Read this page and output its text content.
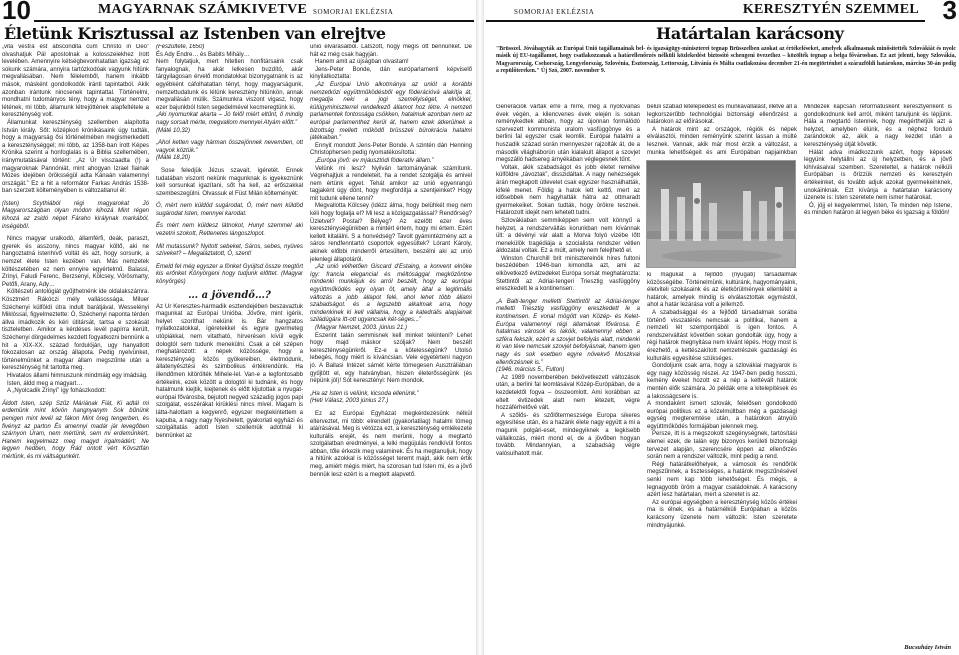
10	MAGYARNAK SZÁMKIVETVE SOMORJAI EKLÉZSIA
Életünk Krisztussal az Istenben van elrejtve

„vita vestra est abscondita cum Christo in Deo” olvashatjuk Pál apostolnak a kolosszeiekhez írott levelében. Amennyire kétségbevonhatatlan igazság ez sokunk számára, annyira tartózkodóak vagyunk hitünk megvallásában. Nem félelemből, hanem inkább mások, másként gondolkodók iránti tapintatból. Akik azonban irántunk nincsenek tapintattal. Történelmi, mondhatni tudományos tény, hogy a magyar nemzet létének, mi több, államunk létrejöttének alapfeltétele a kereszténység volt.

Államunkat kereszténység szellemben alapította István király. Sőt: középkori krónikásaink úgy tudták, hogy a magyarság ősi történelmében megismerkedett a kereszténységgel; mi több, az 1358-ban írott Képes Krónika szerint a honfoglalás is a Biblia szellemében, iránymutatásával történt: „Az Úr visszaadta (!) a magyaroknak Pannóniát, mint ahogyan Izrael fiainak Mózes idejében öröksségül adta Kánaán valamennyi országát.” Ez a hit a reformátor Farkas András 1538-ban szerzett költeményében is változatlanul él:

(Isten) Scythiából régi magyarokat Jó Magyarországban olyan módon kihozá Mint régen kihozá az zsidó népet Fáraho királynak markából, inségéből.

Nincs magyar uralkodó, államférfi, deák, paraszt, gyerek és asszony, nincs magyar költő, aki ne hangoztatná istenhívő voltát és azt, hogy sorsunk, a nemzet élete Isten kezében van. Más nemzetek költészetében ez nem ennyire egyértelmű. Balassi, Zrínyi, Faludi Ferenc, Berzsenyi, Kölcsey, Vörösmarty, Petőfi, Arany, Ady…

Költészeti antológiát gyűjthetnénk ide oldalakszámra. Kösztmért Rákóczi mély vallásossága. Miluer Széchenyi külföldi útra indult barátjával, Wesselényi Miklóssal, figyelmeztette: Ó, Széchenyi naponta térden állva imádkozik és kéri útitársát, tartsa e szokását tiszteletben. Amikor a kérdéses levél papírra került, Széchenyi dörgedelmes kezdett fogyatkozni bennünk a hit a XIX-XX. század fordulóján, ugy hanyatlott fokozatosan az ország állapota. Pedig nyelvünket, történelmünket a magyar állam megszűnte után a kereszténység hit tartotta meg.

Hivatalos állami himnuszunk mindmáig egy imádság.

Isten, áldd meg a magyart…

A „Nyolcadik Zrínyi” így fohászkodott:

Áldott Isten, szép Szűz Máriának Fiát, Ki adtál mi erdemünk mint kővön hangnyanym Sok bűnünk penigen mint levél az fákon Mint öreg tengerben, és fivényz az parton És amennyi madár jár levegőben szárnyon Úram, nem mértünk, sem mi erdemünkért, Hanem kegyelmezz meg magyd irgalmádért; Ne legyen hedben, hogy Rád ontott vért Kövsztfán mértünk, és mi váltságunkért.

(Fészültete, 1650)

És Ady Endre… és Babits Mihály…

Nem folytatjuk, mert hitetlen honfitársaink csak fanyalognak, ha akár lelkesen buzdító, akár tárgyilagosan érvelő mondatokkal bizonygatnánk is az egyébként cáfolhatatlan tényt, hogy magyarságunk, nemzettudatunk és létünk keresztény hitünkön, annak megvallásán múlik. Számunkra viszont vigasz, hogy ezer bajunkból Isten segedelmével kecmeregtünk ki.

„Aki nyomunkat akarta – Jó felől miért eltűnt, ő mindig nagy sorsait mérte, megvallom mennyei Atyám előtt.”

(Máté 10,32)

„Ahol ketten vagy hárman összejönnek nevemben, ott vagyok köztük.”

(Máté 18,20)

Sose feledjük Jézus szavait, ígéretét. Ennek tudatában viszont nekünk magunknak is igyekeznünk kell sorsunkat igazítani, sőt ha kell, az erőszakkal szembeszegülni. Olvassuk el Füst Milán költeményét:

Ó, mért nem küldöd sugárodat, Ó, mért nem küldöd sugárodat Isten, mennyei karodat.

És mért nem küldesz látnokot, Hunyt szemmel aki vezetni szokott, Rettenetes lángoszlopot.

Mit mutassunk? Nyitott sebeket, Sáros, sebes, nyüves szíveket? – Megaláztatott, Ó, szent!

Emeld fel még egyszer a fönket Gyújtsd össze megtört kis erőnket Könyörgeni hogy tudjunk előttet. (Magyar könyörgés)

… a jövendő…?

Az Ur Keresztes-harmadik esztendejében beszavaztuk magunkat az Európai Unióba. Jövőre, mint ígérik, helyet szoríthat nekünk is. Bár hangzatos nyilatkozatokkal, ígéretekkel és egyre gyermeteg utópiákkal, nem vitatható, hírverésen kívül egyik dologtól sem tudunk menekülni. Csak a cél szépen meghatározott: a népek közössége, hogy a kereszténység közös gyökereiben, életmódunk, állatenyésztési és szimbolikus értékrendünk. Ha illendőmen kitörölték Mihele-lel. Van-e a legfontosabb értékeink, ezek között a dologtól ki tudnánk, és hogy hatalmunk kiejtik, kiejtenek és előtt kijutottak a nyugat-európai fővárosba, bejutott negyed századig jogos papi szolgálat, esszérákat kirüklési nincs mivel. Magam is látta-halottam a kegyenrő, egyszer megtekintettem a kapuba, a nagy nagy Nyeshetett, gyakorlati egyházi és szolgáltatás adott Isten szellemük adottnál ki bennünket az

unió elvárásaiból. Látszott, hogy mégis ott bennünket. De hát ez még csak hagyján.

Hanem amit az újságban olvastam!

Jens-Peter Bonde, dán európarlamenti képviselő kinyilatkoztatta:

„Az Európai Unió alkotmánya az uniót a korábbi nemzetközi együttműködésből egy föderációvá alakítja át, megadja neki a jogi személyiséget, elnökkel, külügyminiszterrel rendelkező államot hoz létre. A nemzeti parlamentek fontossága csökken, hatalmuk azonban nem az európai parlamenthez kerül át, hanem ezek átkerülnek a bizottság mellett működő brüsszeli bürokrácia hatalmi játékaiban.”

Ennyit mondott Jens-Peter Bonde. A szintén dán Henning Christophersen pedig nyomatékosította:

„Európa jövő: ev mjáusztódi föderatív állam.”

Velünk mi lesz? Nyilván tartományának számítunk. Végrehajtjuk a rendeleteit, ha a rendet szolgálja és amivel nem értünk egyet. Tehát amikor az unió egyenrangú tagjaként úgy dönt, hogy megfordítja a szentjeinket? Hogy mit tudunk ellene tenni?

Megvallotta Kölcsey (idézz álma, hogy belühkét meg nem kéli hogy foglalja el? Mi lesz a közigazgatással? Rendőrség? Üzletvel? Postai? Bélyeg? Az ezelőtt ezer éves kereszténységünkben a mintért értem, hogy mi értem. Ezért kellett kitalálni. S a honvédség? Tavolt gyámintézmény azt a sáros rendfenntartó csoportok egyesültek? Lórant Károly, akinek előbbi minderről értesültem, beszélni aki az unió jelenlegi állapotáról.

„Az unió vélhetően Giscard d'Estaing, a konvent elnöke így: francia elegancial és méltósággal megközöntne mindenki munkájuk és arról beszélt, hogy az európai együttműködés egy olyan öt, amely által a legitimális változás a jobb állapot felé, ahol lehet több állami szabadságot. és a legszebb alkalmak arra, hogy mindenkinek ki kell vállalnia, hogy a katedrális alapjainak sziládúgára ítt-ott ugyancsak két-sèges...”

(Magyar Nemzet, 2003. június 21.)

Eszerint talán semmisnek kell minket tekinteni? Lehet hogy majd máskor szóljak? Nem beszélt kereszténységünkről. Ez-e a kötelességünk? Utolsó lebegés, hogy miért is kíváncsian. Vele egyetérteni nagyon jó. A Ballasi Intézet sámét kérte tömegesen Ausztráliában gyűjtött el, egy hatványban, hiszen életerősségünk (és népünk jól)! Sót keresztényi: Nem mondok.

„Ha az Isten is velünk, kicsoda ellenünk.”

(Heti Válasz, 2003 június 27.)

Ez az Európai Egyházat megkérdezésünk nélkül elterveztet, mi több: elrendelt (gyakorlatilag) hatalmi tömeg aláírásával. Meg is vétózza ezt, a kereszténység emlékezete kulturális erejét, és nem merünk, hogy a megtartó szolgálatban eredményei, a lelki megújulás rendkívül fontos abban, tőle érkezik meg valaminek. És ha megtanuljuk, hogy a hitünk azokkal is közösséget teremt majd, akik nem értik meg, amiért mégis miért, ha szorosan tud Isten mi, és a jövő bennük lesz ezért is a megtett alapvető.

SOMORJAI EKLÉZSIA	KERESZTYÉN SZEMMEL 3
Határtalan karácsony
"Brüsszel. Jóváhagyták az Európai Unió tagállamainak bel- és igazságügy-miniszterei tegnap Brüsszelben azokat az értékeléseket, amelyek alkalmasnak minősítették Szlovákiát és nyolc másik új EU-tagállamot, hogy csatlakozzanak a határellenőrzés nélküli közlekedést biztosító schengeni övezethez – közölték tegnap a belga fővárosban. Ez azt jelenti, hogy Szlovákia, Magyarország, Csehország, Lengyelország, Szlovénia, Észtország, Lettország, Litvánia és Málta csatlakozása december 21-én megtörténhet a szárazföldi határokon, március 30-án pedig a repülőtereken." Új Szó, 2007. november 9.

Generációk vártak erre a hírre, még a nyolcvanas évek végén, a kilencvenes évek elején is sokan reménykedtek abban, hogy az újonnan formálódó szervezett kommunista uralom vasfüggönye és a berlini fal egyszer csak leomlik. Európai hatalmi a huszadik század során mennyeszer rajzolták át, de a második világháborún után kialakult állapot a szovjet megszálló hadsereg árnyékában véglegesnek tűnt.

Voltak, akik szabadságot és jobb életet remélve külföldre „távoztak”, disszidáltak. A nagy nehézségek árán megkapott útlevelet csak egyszer használhatták, kifelé menet. Földig a hatok lett kettő, mert az idősebbek nem hagyhatták hátra az ottmaradt gyermekeiket. Sokan tudták, hogy örökre tesznek. Határozott idejét nem lehetett tudni.

Szlovákiaban semmiképpen sem volt könnyű a helyzet, a rendszerváltás korunkban nem kívánnak ült: a dévényi vár alatt a Morva folyó vizébe lőtt menekülök tragédiája a szocialista rendszer vétlen áldozatai voltak. Ez a múlt, amely nem felejthető el.

Winston Churchill brit miniszterelnök híres fultoni beszédében 1946-ban kimondta azt, ami az elkövetkező évtizedeket Európa sorsát meghatározta: Stettintől az Adriai-tengeri Triesztig vasfüggöny ereszkedett le a kontinensen.

„A Balti-tenger melletti Stettintől az Adriai-tenger melletti Triesztig vasfüggöny ereszkedett le a kontinensen. E vonal mögött van Közép- és Kelet-Európa valamennyi régi államának fővárosa. E hatalmas városok és lakóik, valamennyi ebben a szféra fekszik, ezért a szovjet befolyás alatt, mindenki ki van téve nemcsak szovjet befolyásnak, hanem igen nagy és sok esetben egyre növekvő Moszkvai ellenőrzésnek is.”

(1946. március 5., Fulton)

Az 1989 novemberében bekövetkezett változások után, a berlini fal leomlásával Közép-Európában, de a kezdetektől fogva – összeomlott. Ami korábban az eltelt évtizedek alatt nem létezett, végre hozzáférhetővé vált.

A szőlős- és szőlőtermeszsége Europa sikeres egyesítése után, és a hazánk élete nagy együtt a mi a magunk polgári-eset, mindegyiknek a legkisebb vállalkozás, miért mond el, de a jövőben hogyan tovább. Mindannyian, a szabadság végre valósulhatott már.

belüli szabad letelepedést és munkavállalást, illetve áll a legkorszerűbb technológiai biztonsági ellenőrzést a határokon az előírásokat.

A határok mint az országok, régiók és népek elválasztói, minden reményünk szerint lassan a múlté lesznek. Vannak, akik már most érzik a változást, a munka lehetőségeit és ami Európában napjainkban

ki magukat a fejlődő (nyugati) társadalmak közösségébe. Történelmünk, kultúránk, hagyományaink, életviteli szokásaink és az életkörülmények ellentétét a határok, amelyek mindig is elválasztottak egymástól, ahol a határ lezárása volt a jellemző.

A szabadsággal és a fejlődő társadalmak sorába történő visszatérés nemcsak a politikai, hanem a nemzeti lét szempontjából is igen fontos. A rendszerváltást követően sokan gondolták úgy, hogy a régi határok megnyitása nem kívánt lépés. Hogy most is érezhető, a kettészakított nemzetrészek gazdasági és kulturális egyesítése szükséges.

Gondoljunk csak arra, hogy a szlovákiai magyarok is egy nagy közösség részei. Az 1947-ben pedig hosszú, kemény éveket hozott ez a nép a kettévált határok mentén élők számára. Jó példák erre a kitelepítések és a lakosságcsere is.

A mondaként ismert szlovák, felelősen gondolkodó európai politikus ez a közelmúltban még a gazdasági egység megteremtése után, a határokon átnyúló együttműködés formájában jelennek meg.

Persze, itt is a megszokott szegénységnek, tartósítási elemei ezek, de talán egy bizonyos kerületi biztonsági tervezet alapján, szerencsére éppen az ellenőrzés során nem a rendszer változik, mint pedig a rend.

Régi határátkelőhelyek, a vámosok és rendőrök megszűnnek, a tisztességes, a határok megszűnésével senki nem kap több lehetőséget. És mégis, a legnagyobb öröm a magyar családoknak. A karácsony azért lesz határtalan, mert a szeretet is az.

Az európai egységben a kereszténység közös értékei ma is élnek, és a határnélküli Európában a közös karácsony üzenete nem változik: Isten szeretete mindnyájunké.

Mindezek kapcsán reformátusként keresztyénként is gondolkodnunk kell arról, miként tanuljunk és lépjünk. Hála a megtartó Istennek, hogy megérthetjük azt a helyzet, amelyben élünk, és a néphez forduló zarándokok az, akik a nagy kezdet után a kereszténység útját követik.

Hálát adva imádkozzunk azért, hogy képesek legyünk helytállni az új helyzetben, és a jövő kihívásaival szemben. Szeretettel, a határok nélküli Európában is őrizzük nemzeti és keresztyén értékeinket, és tovább adjuk azokat gyermekeinknek, unokáinknak. Ezt kívánja a határtalan karácsony üzenete is: Isten szeretete nem ismer határokat.

Ó, jöjj el kegyelemmel, Isten, Te minden nép Istene, és minden határon át legyen béke és igazság a földön!

Bucsuházy István
